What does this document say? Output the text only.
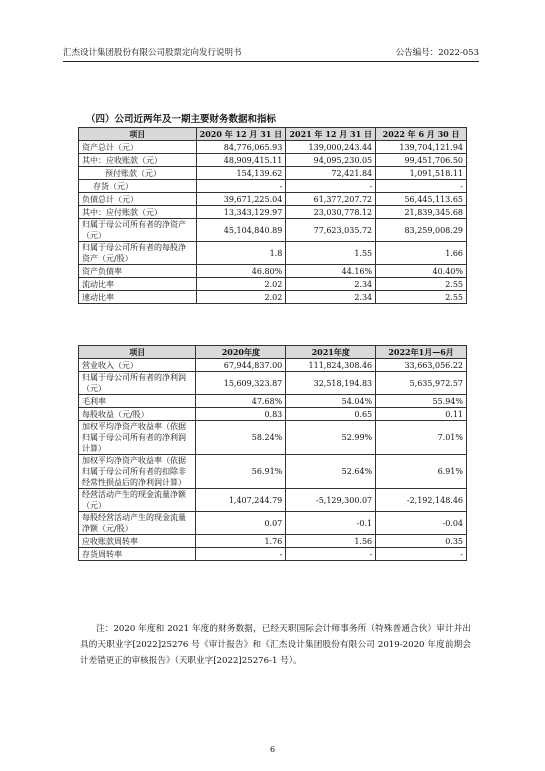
汇杰设计集团股份有限公司股票定向发行说明书	公告编号：2022-053
（四）公司近两年及一期主要财务数据和指标
项目	2020 年 12 月 31 日	2021 年 12 月 31 日	2022 年 6 月 30 日
资产总计（元）	84,776,065.93	139,000,243.44	139,704,121.94
其中：应收账款（元）	48,909,415.11	94,095,230.05	99,451,706.50
预付账款（元）	154,139.62	72,421.84	1,091,518.11
存货（元）	-	-	-
负债总计（元）	39,671,225.04	61,377,207.72	56,445,113.65
其中：应付账款（元）	13,343,129.97	23,030,778.12	21,839,345.68
归属于母公司所有者的净资产（元）	45,104,840.89	77,623,035.72	83,259,008.29
归属于母公司所有者的每股净资产（元/股）	1.8	1.55	1.66
资产负债率	46.80%	44.16%	40.40%
流动比率	2.02	2.34	2.55
速动比率	2.02	2.34	2.55
项目	2020年度	2021年度	2022年1月—6月
营业收入（元）	67,944,837.00	111,824,308.46	33,663,056.22
归属于母公司所有者的净利润（元）	15,609,323.87	32,518,194.83	5,635,972.57
毛利率	47.68%	54.04%	55.94%
每股收益（元/股）	0.83	0.65	0.11
加权平均净资产收益率（依据归属于母公司所有者的净利润计算）	58.24%	52.99%	7.01%
加权平均净资产收益率（依据归属于母公司所有者的扣除非经常性损益后的净利润计算）	56.91%	52.64%	6.91%
经营活动产生的现金流量净额（元）	1,407,244.79	-5,129,300.07	-2,192,148.46
每股经营活动产生的现金流量净额（元/股）	0.07	-0.1	-0.04
应收账款周转率	1.76	1.56	0.35
存货周转率	-	-	-
注：2020 年度和 2021 年度的财务数据，已经天职国际会计师事务所（特殊普通合伙）审计并出具的天职业字[2022]25276 号《审计报告》和《汇杰设计集团股份有限公司 2019-2020 年度前期会计差错更正的审核报告》（天职业字[2022]25276-1 号）。
6
